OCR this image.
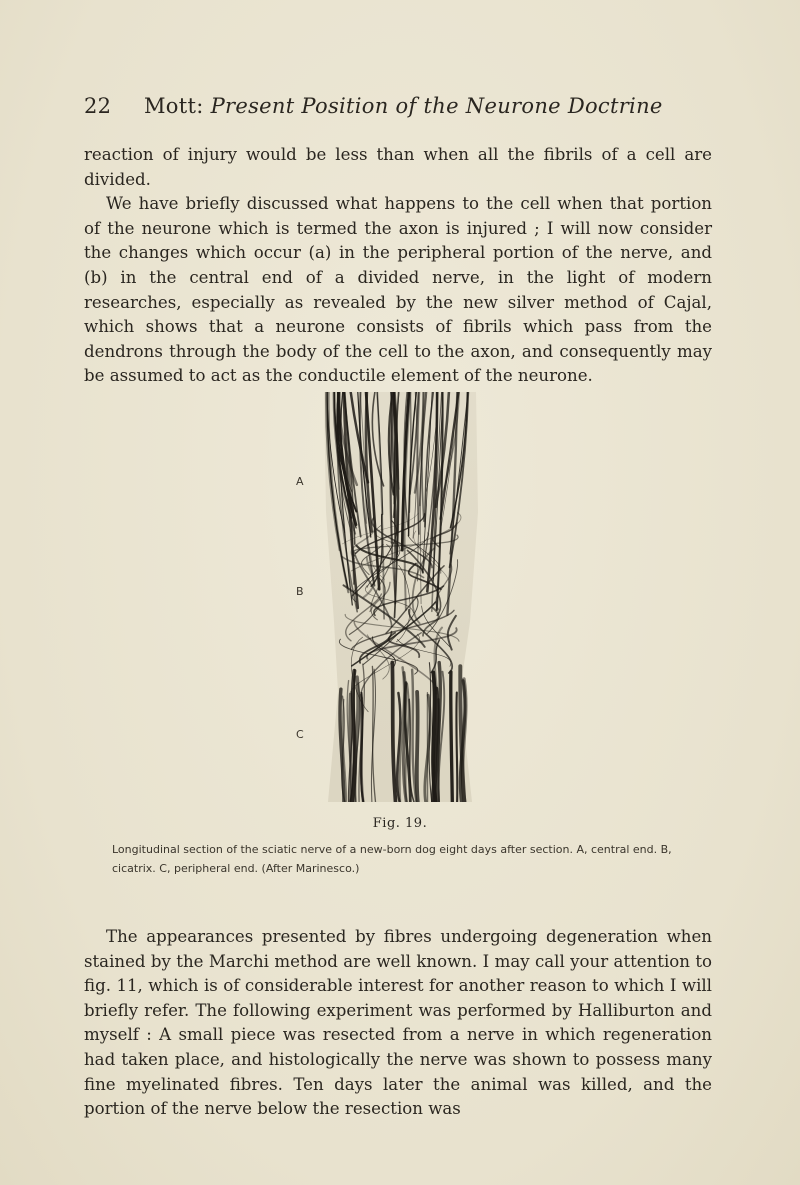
22 Mott: Present Position of the Neurone Doctrine

reaction of injury would be less than when all the fibrils of a cell are divided.

We have briefly discussed what happens to the cell when that portion of the neurone which is termed the axon is injured ; I will now consider the changes which occur (a) in the peripheral portion of the nerve, and (b) in the central end of a divided nerve, in the light of modern researches, especially as revealed by the new silver method of Cajal, which shows that a neurone consists of fibrils which pass from the dendrons through the body of the cell to the axon, and consequently may be assumed to act as the conductile element of the neurone.

A
B
C
Fig. 19.
Longitudinal section of the sciatic nerve of a new-born dog eight days after section. A, central end. B, cicatrix. C, peripheral end. (After Marinesco.)

The appearances presented by fibres undergoing degeneration when stained by the Marchi method are well known. I may call your attention to fig. 11, which is of considerable interest for another reason to which I will briefly refer. The following experiment was performed by Halliburton and myself : A small piece was resected from a nerve in which regeneration had taken place, and histologically the nerve was shown to possess many fine myelinated fibres. Ten days later the animal was killed, and the portion of the nerve below the resection was
